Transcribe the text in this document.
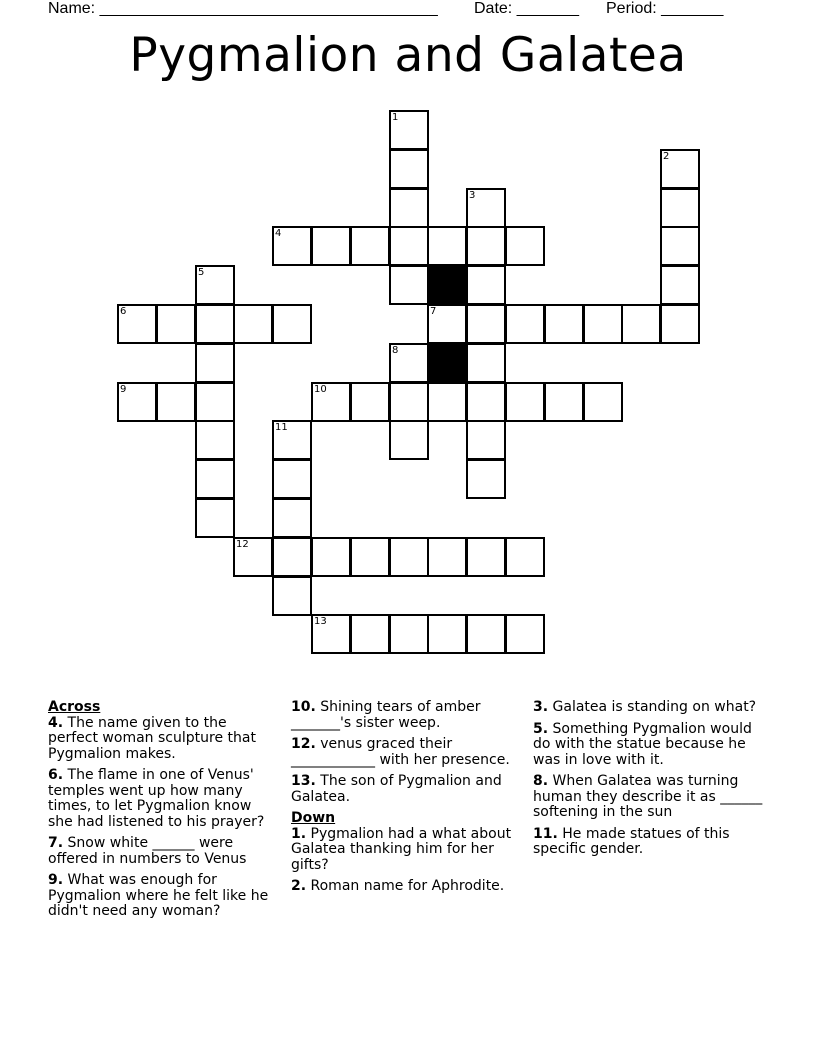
Name: ______________________________________ Date: _______ Period: _______
Pygmalion and Galatea
1
2
3
4
5
6	7
8
9	10
11
12
13
Across
4. The name given to the perfect woman sculpture that Pygmalion makes.
6. The flame in one of Venus' temples went up how many times, to let Pygmalion know she had listened to his prayer?
7. Snow white ______ were offered in numbers to Venus
9. What was enough for Pygmalion where he felt like he didn't need any woman?
10. Shining tears of amber _______'s sister weep.
12. venus graced their ____________ with her presence.
13. The son of Pygmalion and Galatea.
Down
1. Pygmalion had a what about Galatea thanking him for her gifts?
2. Roman name for Aphrodite.
3. Galatea is standing on what?
5. Something Pygmalion would do with the statue because he was in love with it.
8. When Galatea was turning human they describe it as ______ softening in the sun
11. He made statues of this specific gender.
